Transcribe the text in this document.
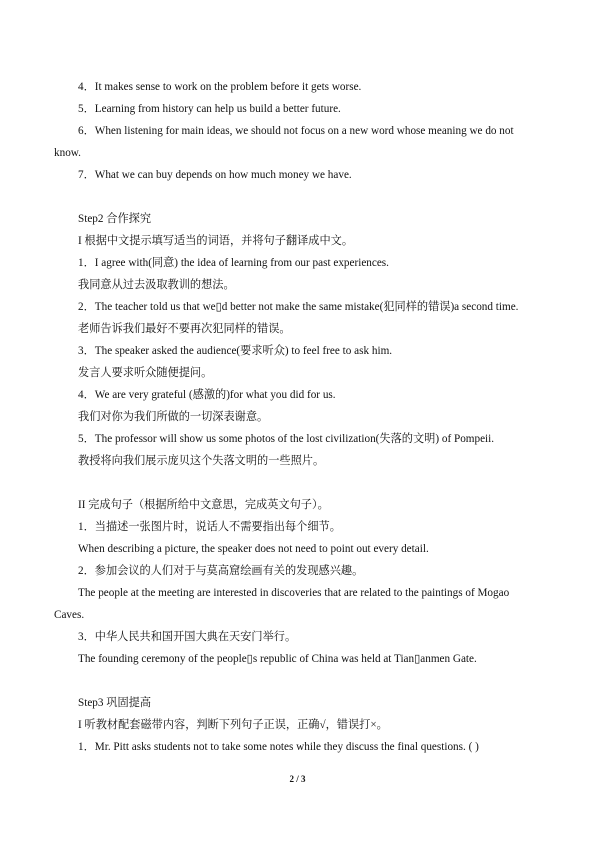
4．It makes sense to work on the problem before it gets worse.
5．Learning from history can help us build a better future.
6．When listening for main ideas, we should not focus on a new word whose meaning we do not
know.
7．What we can buy depends on how much money we have.
Step2 合作探究
I 根据中文提示填写适当的词语，并将句子翻译成中文。
1．I agree with(同意) the idea of learning from our past experiences.
我同意从过去汲取教训的想法。
2．The teacher told us that we▯d better not make the same mistake(犯同样的错误)a second time.
老师告诉我们最好不要再次犯同样的错误。
3．The speaker asked the audience(要求听众) to feel free to ask him.
发言人要求听众随便提问。
4．We are very grateful (感激的)for what you did for us.
我们对你为我们所做的一切深表谢意。
5．The professor will show us some photos of the lost civilization(失落的文明) of Pompeii.
教授将向我们展示庞贝这个失落文明的一些照片。
II 完成句子（根据所给中文意思，完成英文句子）。
1．当描述一张图片时，说话人不需要指出每个细节。
When describing a picture, the speaker does not need to point out every detail.
2．参加会议的人们对于与莫高窟绘画有关的发现感兴趣。
The people at the meeting are interested in discoveries that are related to the paintings of Mogao
Caves.
3．中华人民共和国开国大典在天安门举行。
The founding ceremony of the people▯s republic of China was held at Tian▯anmen Gate.
Step3 巩固提高
I 听教材配套磁带内容，判断下列句子正误，正确√，错误打×。
1．Mr. Pitt asks students not to take some notes while they discuss the final questions. ( )
2 / 3
